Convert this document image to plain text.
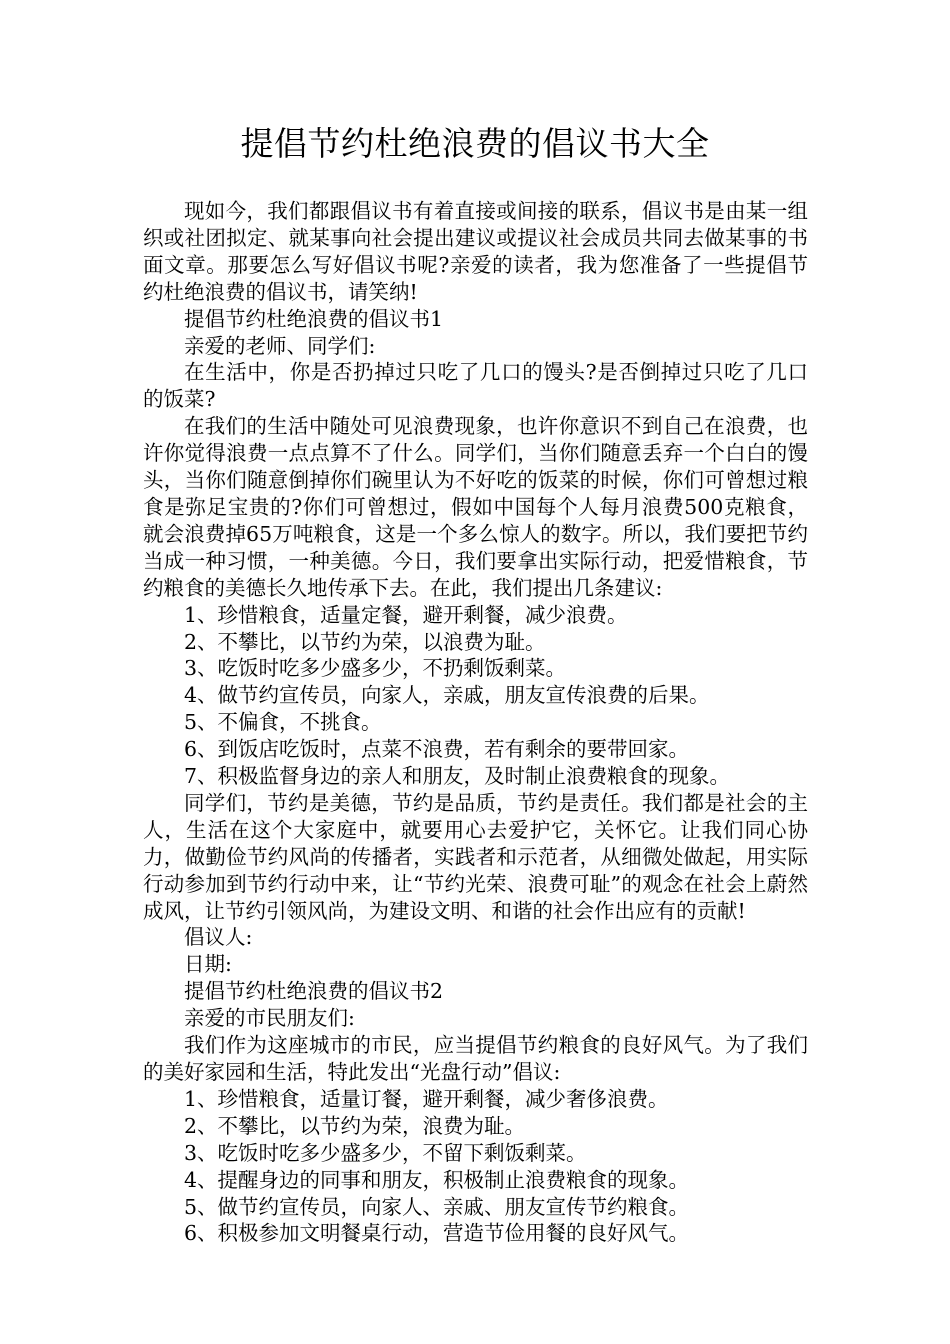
提倡节约杜绝浪费的倡议书大全

现如今，我们都跟倡议书有着直接或间接的联系，倡议书是由某一组织或社团拟定、就某事向社会提出建议或提议社会成员共同去做某事的书面文章。那要怎么写好倡议书呢?亲爱的读者，我为您准备了一些提倡节约杜绝浪费的倡议书，请笑纳!

提倡节约杜绝浪费的倡议书1

亲爱的老师、同学们:

在生活中，你是否扔掉过只吃了几口的馒头?是否倒掉过只吃了几口的饭菜?

在我们的生活中随处可见浪费现象，也许你意识不到自己在浪费，也许你觉得浪费一点点算不了什么。同学们，当你们随意丢弃一个白白的馒头，当你们随意倒掉你们碗里认为不好吃的饭菜的时候，你们可曾想过粮食是弥足宝贵的?你们可曾想过，假如中国每个人每月浪费500克粮食，就会浪费掉65万吨粮食，这是一个多么惊人的数字。所以，我们要把节约当成一种习惯，一种美德。今日，我们要拿出实际行动，把爱惜粮食，节约粮食的美德长久地传承下去。在此，我们提出几条建议:

1、珍惜粮食，适量定餐，避开剩餐，减少浪费。

2、不攀比，以节约为荣，以浪费为耻。

3、吃饭时吃多少盛多少，不扔剩饭剩菜。

4、做节约宣传员，向家人，亲戚，朋友宣传浪费的后果。

5、不偏食，不挑食。

6、到饭店吃饭时，点菜不浪费，若有剩余的要带回家。

7、积极监督身边的亲人和朋友，及时制止浪费粮食的现象。

同学们，节约是美德，节约是品质，节约是责任。我们都是社会的主人，生活在这个大家庭中，就要用心去爱护它，关怀它。让我们同心协力，做勤俭节约风尚的传播者，实践者和示范者，从细微处做起，用实际行动参加到节约行动中来，让“节约光荣、浪费可耻”的观念在社会上蔚然成风，让节约引领风尚，为建设文明、和谐的社会作出应有的贡献!

倡议人:

日期:

提倡节约杜绝浪费的倡议书2

亲爱的市民朋友们:

我们作为这座城市的市民，应当提倡节约粮食的良好风气。为了我们的美好家园和生活，特此发出“光盘行动”倡议:

1、珍惜粮食，适量订餐，避开剩餐，减少奢侈浪费。

2、不攀比，以节约为荣，浪费为耻。

3、吃饭时吃多少盛多少，不留下剩饭剩菜。

4、提醒身边的同事和朋友，积极制止浪费粮食的现象。

5、做节约宣传员，向家人、亲戚、朋友宣传节约粮食。

6、积极参加文明餐桌行动，营造节俭用餐的良好风气。
